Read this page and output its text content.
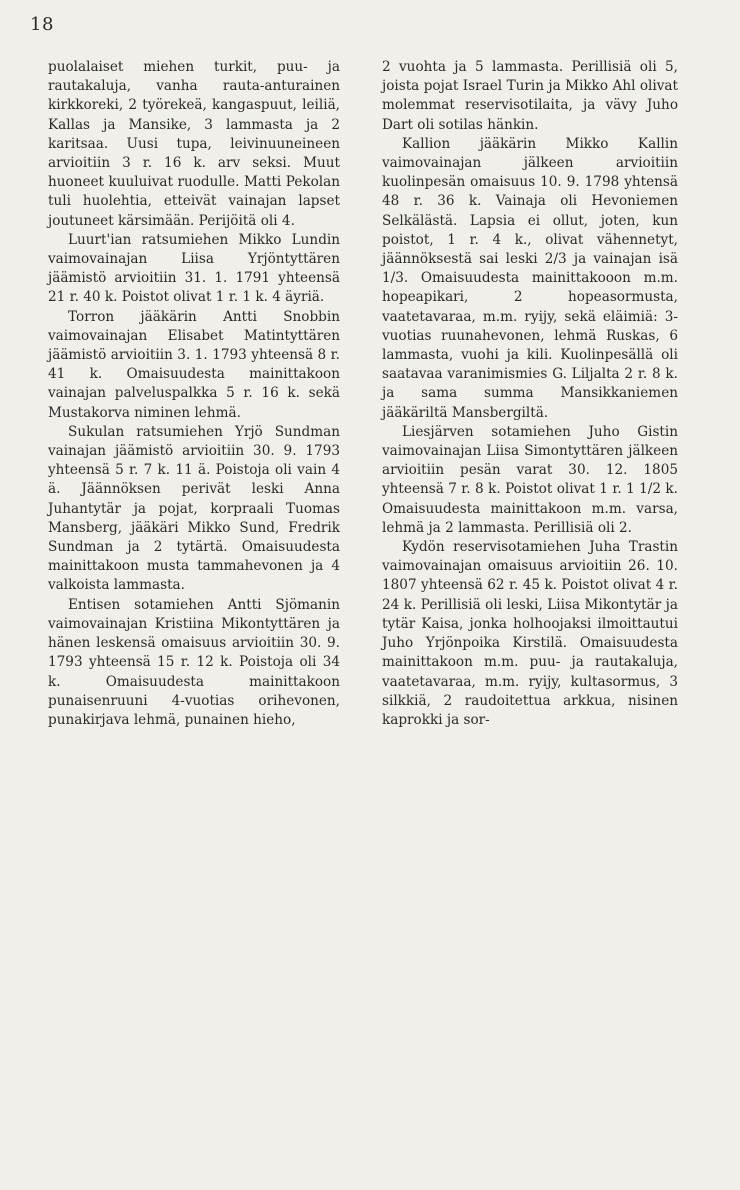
18

puolalaiset miehen turkit, puu- ja rautakaluja, vanha rauta-anturainen kirkkoreki, 2 työrekeä, kangaspuut, leiliä, Kallas ja Mansike, 3 lammasta ja 2 karitsaa. Uusi tupa, leivinuuneineen arvioitiin 3 r. 16 k. arv seksi. Muut huoneet kuuluivat ruodulle. Matti Pekolan tuli huolehtia, etteivät vainajan lapset joutuneet kärsimään. Perijöitä oli 4.

Luurt'ian ratsumiehen Mikko Lundin vaimovainajan Liisa Yrjöntyttären jäämistö arvioitiin 31. 1. 1791 yhteensä 21 r. 40 k. Poistot olivat 1 r. 1 k. 4 äyriä.

Torron jääkärin Antti Snobbin vaimovainajan Elisabet Matintyttären jäämistö arvioitiin 3. 1. 1793 yhteensä 8 r. 41 k. Omaisuudesta mainittakoon vainajan palveluspalkka 5 r. 16 k. sekä Mustakorva niminen lehmä.

Sukulan ratsumiehen Yrjö Sundman vainajan jäämistö arvioitiin 30. 9. 1793 yhteensä 5 r. 7 k. 11 ä. Poistoja oli vain 4 ä. Jäännöksen perivät leski Anna Juhantytär ja pojat, korpraali Tuomas Mansberg, jääkäri Mikko Sund, Fredrik Sundman ja 2 tytärtä. Omaisuudesta mainittakoon musta tammahevonen ja 4 valkoista lammasta.

Entisen sotamiehen Antti Sjömanin vaimovainajan Kristiina Mikontyttären ja hänen leskensä omaisuus arvioitiin 30. 9. 1793 yhteensä 15 r. 12 k. Poistoja oli 34 k. Omaisuudesta mainittakoon punaisenruuni 4-vuotias orihevonen, punakirjava lehmä, punainen hieho,

2 vuohta ja 5 lammasta. Perillisiä oli 5, joista pojat Israel Turin ja Mikko Ahl olivat molemmat reservisotilaita, ja vävy Juho Dart oli sotilas hänkin.

Kallion jääkärin Mikko Kallin vaimovainajan jälkeen arvioitiin kuolinpesän omaisuus 10. 9. 1798 yhtensä 48 r. 36 k. Vainaja oli Hevoniemen Selkälästä. Lapsia ei ollut, joten, kun poistot, 1 r. 4 k., olivat vähennetyt, jäännöksestä sai leski 2/3 ja vainajan isä 1/3. Omaisuudesta mainittakooon m.m. hopeapikari, 2 hopeasormusta, vaatetavaraa, m.m. ryijy, sekä eläimiä: 3-vuotias ruunahevonen, lehmä Ruskas, 6 lammasta, vuohi ja kili. Kuolinpesällä oli saatavaa varanimismies G. Liljalta 2 r. 8 k. ja sama summa Mansikkaniemen jääkäriltä Mansbergiltä.

Liesjärven sotamiehen Juho Gistin vaimovainajan Liisa Simontyttären jälkeen arvioitiin pesän varat 30. 12. 1805 yhteensä 7 r. 8 k. Poistot olivat 1 r. 1 1/2 k. Omaisuudesta mainittakoon m.m. varsa, lehmä ja 2 lammasta. Perillisiä oli 2.

Kydön reservisotamiehen Juha Trastin vaimovainajan omaisuus arvioitiin 26. 10. 1807 yhteensä 62 r. 45 k. Poistot olivat 4 r. 24 k. Perillisiä oli leski, Liisa Mikontytär ja tytär Kaisa, jonka holhoojaksi ilmoittautui Juho Yrjönpoika Kirstilä. Omaisuudesta mainittakoon m.m. puu- ja rautakaluja, vaatetavaraa, m.m. ryijy, kultasormus, 3 silkkiä, 2 raudoitettua arkkua, nisinen kaprokki ja sor-
